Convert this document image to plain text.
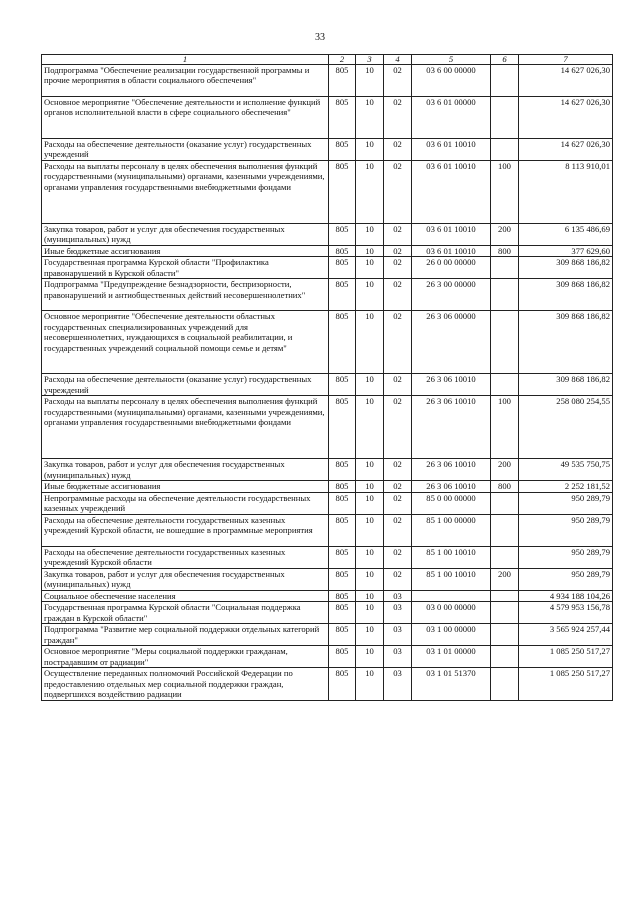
33
1	2	3	4	5	6	7
Подпрограмма "Обеспечение реализации государственной программы и прочие мероприятия в области социального обеспечения"	805	10	02	03 6 00 00000		14 627 026,30
Основное мероприятие "Обеспечение деятельности и исполнение функций органов исполнительной власти в сфере социального обеспечения"	805	10	02	03 6 01 00000		14 627 026,30
Расходы на обеспечение деятельности (оказание услуг) государственных учреждений	805	10	02	03 6 01 10010		14 627 026,30
Расходы на выплаты персоналу в целях обеспечения выполнения функций государственными (муниципальными) органами, казенными учреждениями, органами управления государственными внебюджетными фондами	805	10	02	03 6 01 10010	100	8 113 910,01
Закупка товаров, работ и услуг для обеспечения государственных (муниципальных) нужд	805	10	02	03 6 01 10010	200	6 135 486,69
Иные бюджетные ассигнования	805	10	02	03 6 01 10010	800	377 629,60
Государственная программа Курской области "Профилактика правонарушений в Курской области"	805	10	02	26 0 00 00000		309 868 186,82
Подпрограмма "Предупреждение безнадзорности, беспризорности, правонарушений и антиобщественных действий несовершеннолетних"	805	10	02	26 3 00 00000		309 868 186,82
Основное мероприятие "Обеспечение деятельности областных государственных специализированных учреждений для несовершеннолетних, нуждающихся в социальной реабилитации, и государственных учреждений социальной помощи семье и детям"	805	10	02	26 3 06 00000		309 868 186,82
Расходы на обеспечение деятельности (оказание услуг) государственных учреждений	805	10	02	26 3 06 10010		309 868 186,82
Расходы на выплаты персоналу в целях обеспечения выполнения функций государственными (муниципальными) органами, казенными учреждениями, органами управления государственными внебюджетными фондами	805	10	02	26 3 06 10010	100	258 080 254,55
Закупка товаров, работ и услуг для обеспечения государственных (муниципальных) нужд	805	10	02	26 3 06 10010	200	49 535 750,75
Иные бюджетные ассигнования	805	10	02	26 3 06 10010	800	2 252 181,52
Непрограммные расходы на обеспечение деятельности государственных казенных учреждений	805	10	02	85 0 00 00000		950 289,79
Расходы на обеспечение деятельности государственных казенных учреждений Курской области, не вошедшие в программные мероприятия	805	10	02	85 1 00 00000		950 289,79
Расходы на обеспечение деятельности государственных казенных учреждений Курской области	805	10	02	85 1 00 10010		950 289,79
Закупка товаров, работ и услуг для обеспечения государственных (муниципальных) нужд	805	10	02	85 1 00 10010	200	950 289,79
Социальное обеспечение населения	805	10	03			4 934 188 104,26
Государственная программа Курской области "Социальная поддержка граждан в Курской области"	805	10	03	03 0 00 00000		4 579 953 156,78
Подпрограмма "Развитие мер социальной поддержки отдельных категорий граждан"	805	10	03	03 1 00 00000		3 565 924 257,44
Основное мероприятие "Меры социальной поддержки гражданам, пострадавшим от радиации"	805	10	03	03 1 01 00000		1 085 250 517,27
Осуществление переданных полномочий Российской Федерации по предоставлению отдельных мер социальной поддержки граждан, подвергшихся воздействию радиации	805	10	03	03 1 01 51370		1 085 250 517,27
